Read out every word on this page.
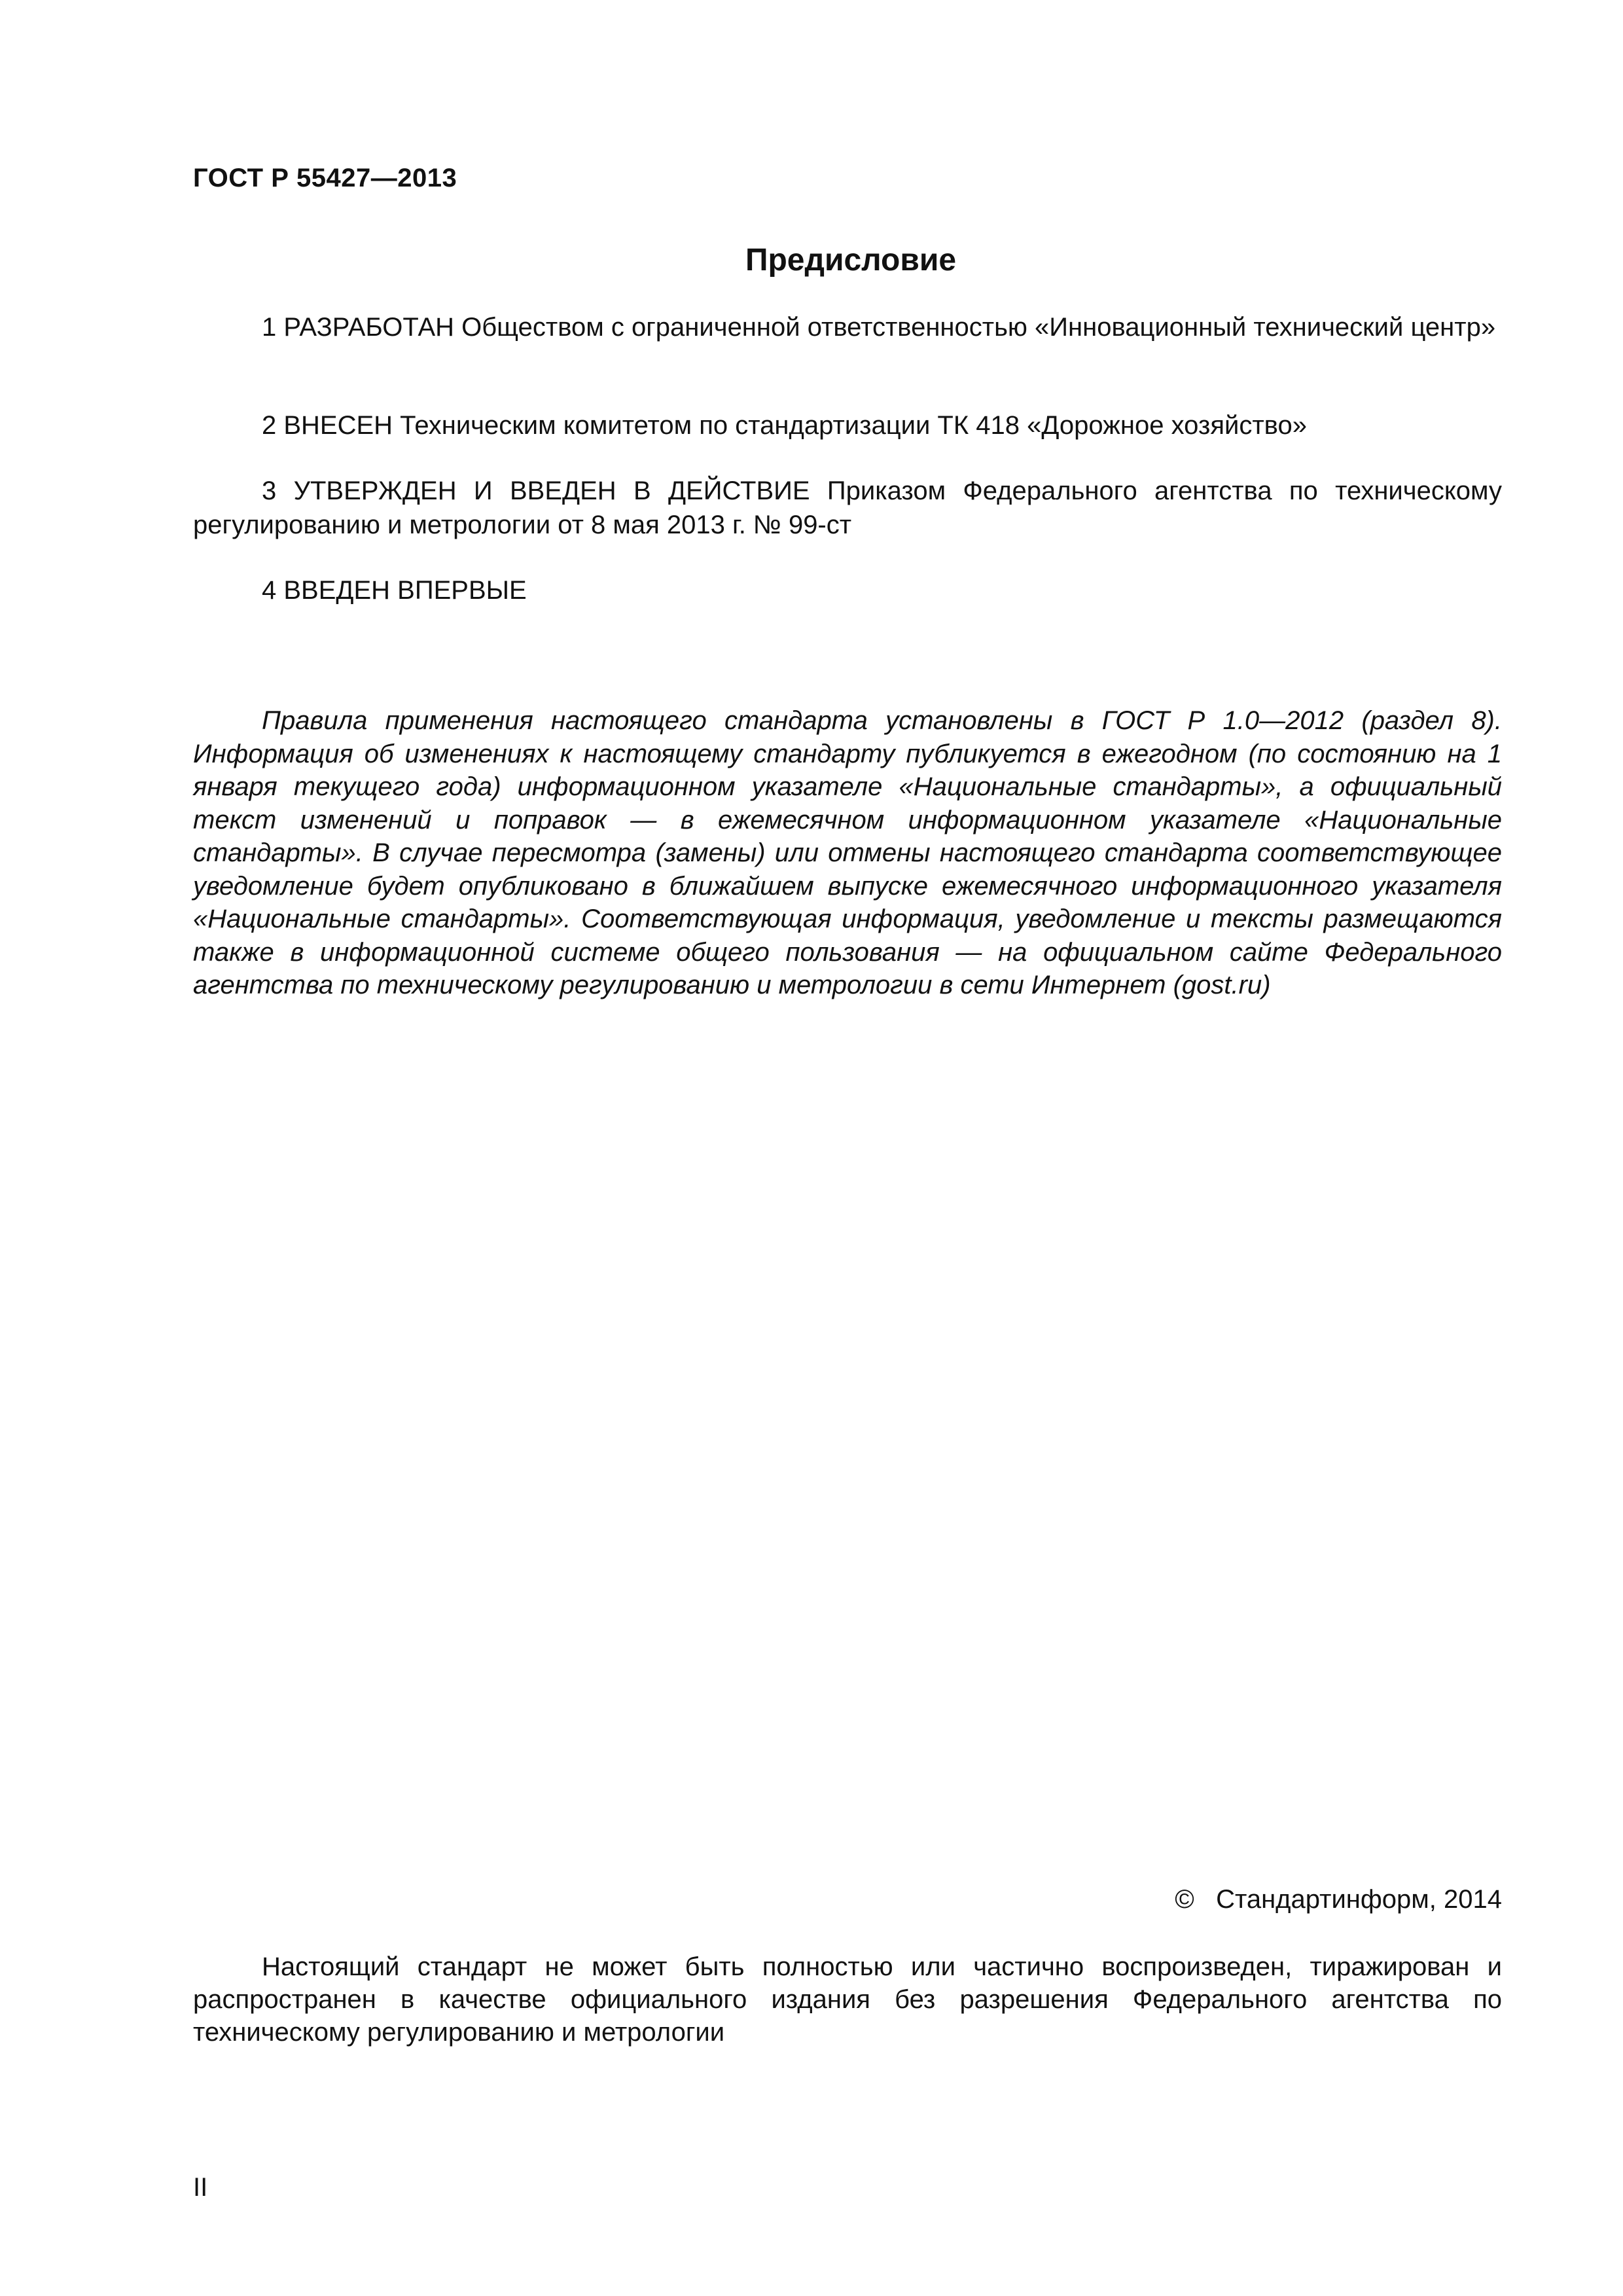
ГОСТ Р 55427—2013
Предисловие
1 РАЗРАБОТАН Обществом с ограниченной ответственностью «Инновационный технический центр»
2 ВНЕСЕН Техническим комитетом по стандартизации ТК 418 «Дорожное хозяйство»
3 УТВЕРЖДЕН И ВВЕДЕН В ДЕЙСТВИЕ Приказом Федерального агентства по техническому регулированию и метрологии от 8 мая 2013 г. № 99-ст
4 ВВЕДЕН ВПЕРВЫЕ
Правила применения настоящего стандарта установлены в ГОСТ Р 1.0—2012 (раздел 8). Информация об изменениях к настоящему стандарту публикуется в ежегодном (по состоянию на 1 января текущего года) информационном указателе «Национальные стандарты», а официальный текст изменений и поправок — в ежемесячном информационном указателе «Национальные стандарты». В случае пересмотра (замены) или отмены настоящего стандарта соответствующее уведомление будет опубликовано в ближайшем выпуске ежемесячного информационного указателя «Национальные стандарты». Соответствующая информация, уведомление и тексты размещаются также в информационной системе общего пользования — на официальном сайте Федерального агентства по техническому регулированию и метрологии в сети Интернет (gost.ru)
©   Стандартинформ, 2014
Настоящий стандарт не может быть полностью или частично воспроизведен, тиражирован и распространен в качестве официального издания без разрешения Федерального агентства по техническому регулированию и метрологии
II
